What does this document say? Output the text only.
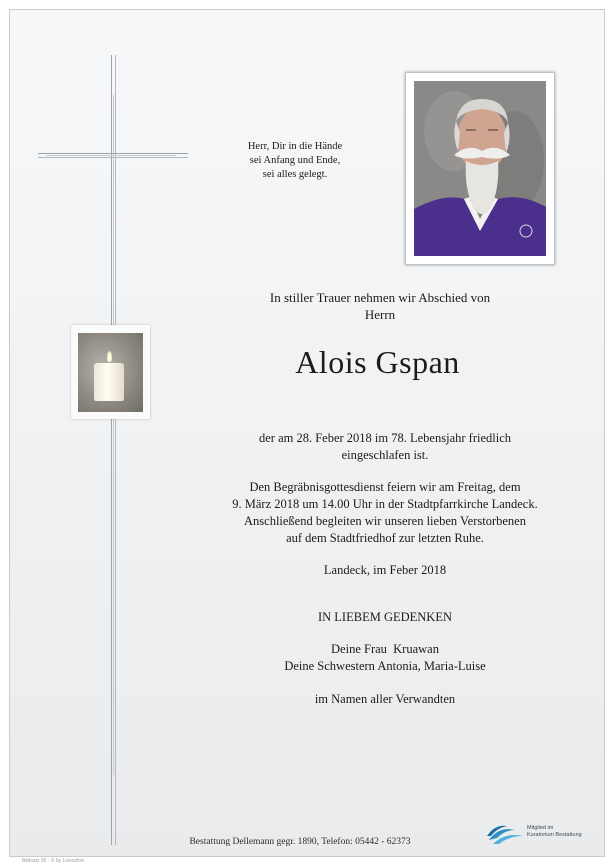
Herr, Dir in die Hände
sei Anfang und Ende,
sei alles gelegt.
In stiller Trauer nehmen wir Abschied von
Herrn
Alois Gspan
der am 28. Feber 2018 im 78. Lebensjahr friedlich
eingeschlafen ist.
Den Begräbnisgottesdienst feiern wir am Freitag, dem
9. März 2018 um 14.00 Uhr in der Stadtpfarrkirche Landeck.
Anschließend begleiten wir unseren lieben Verstorbenen
auf dem Stadtfriedhof zur letzten Ruhe.
Landeck, im Feber 2018
IN LIEBEM GEDENKEN
Deine Frau  Kruawan
Deine Schwestern Antonia, Maria-Luise
im Namen aller Verwandten
Bestattung Dellemann gegr. 1890, Telefon: 05442 - 62373
Bildsatz 90 - © by Lizenzfrei
Mitglied im
Kuratorium Bestattung
